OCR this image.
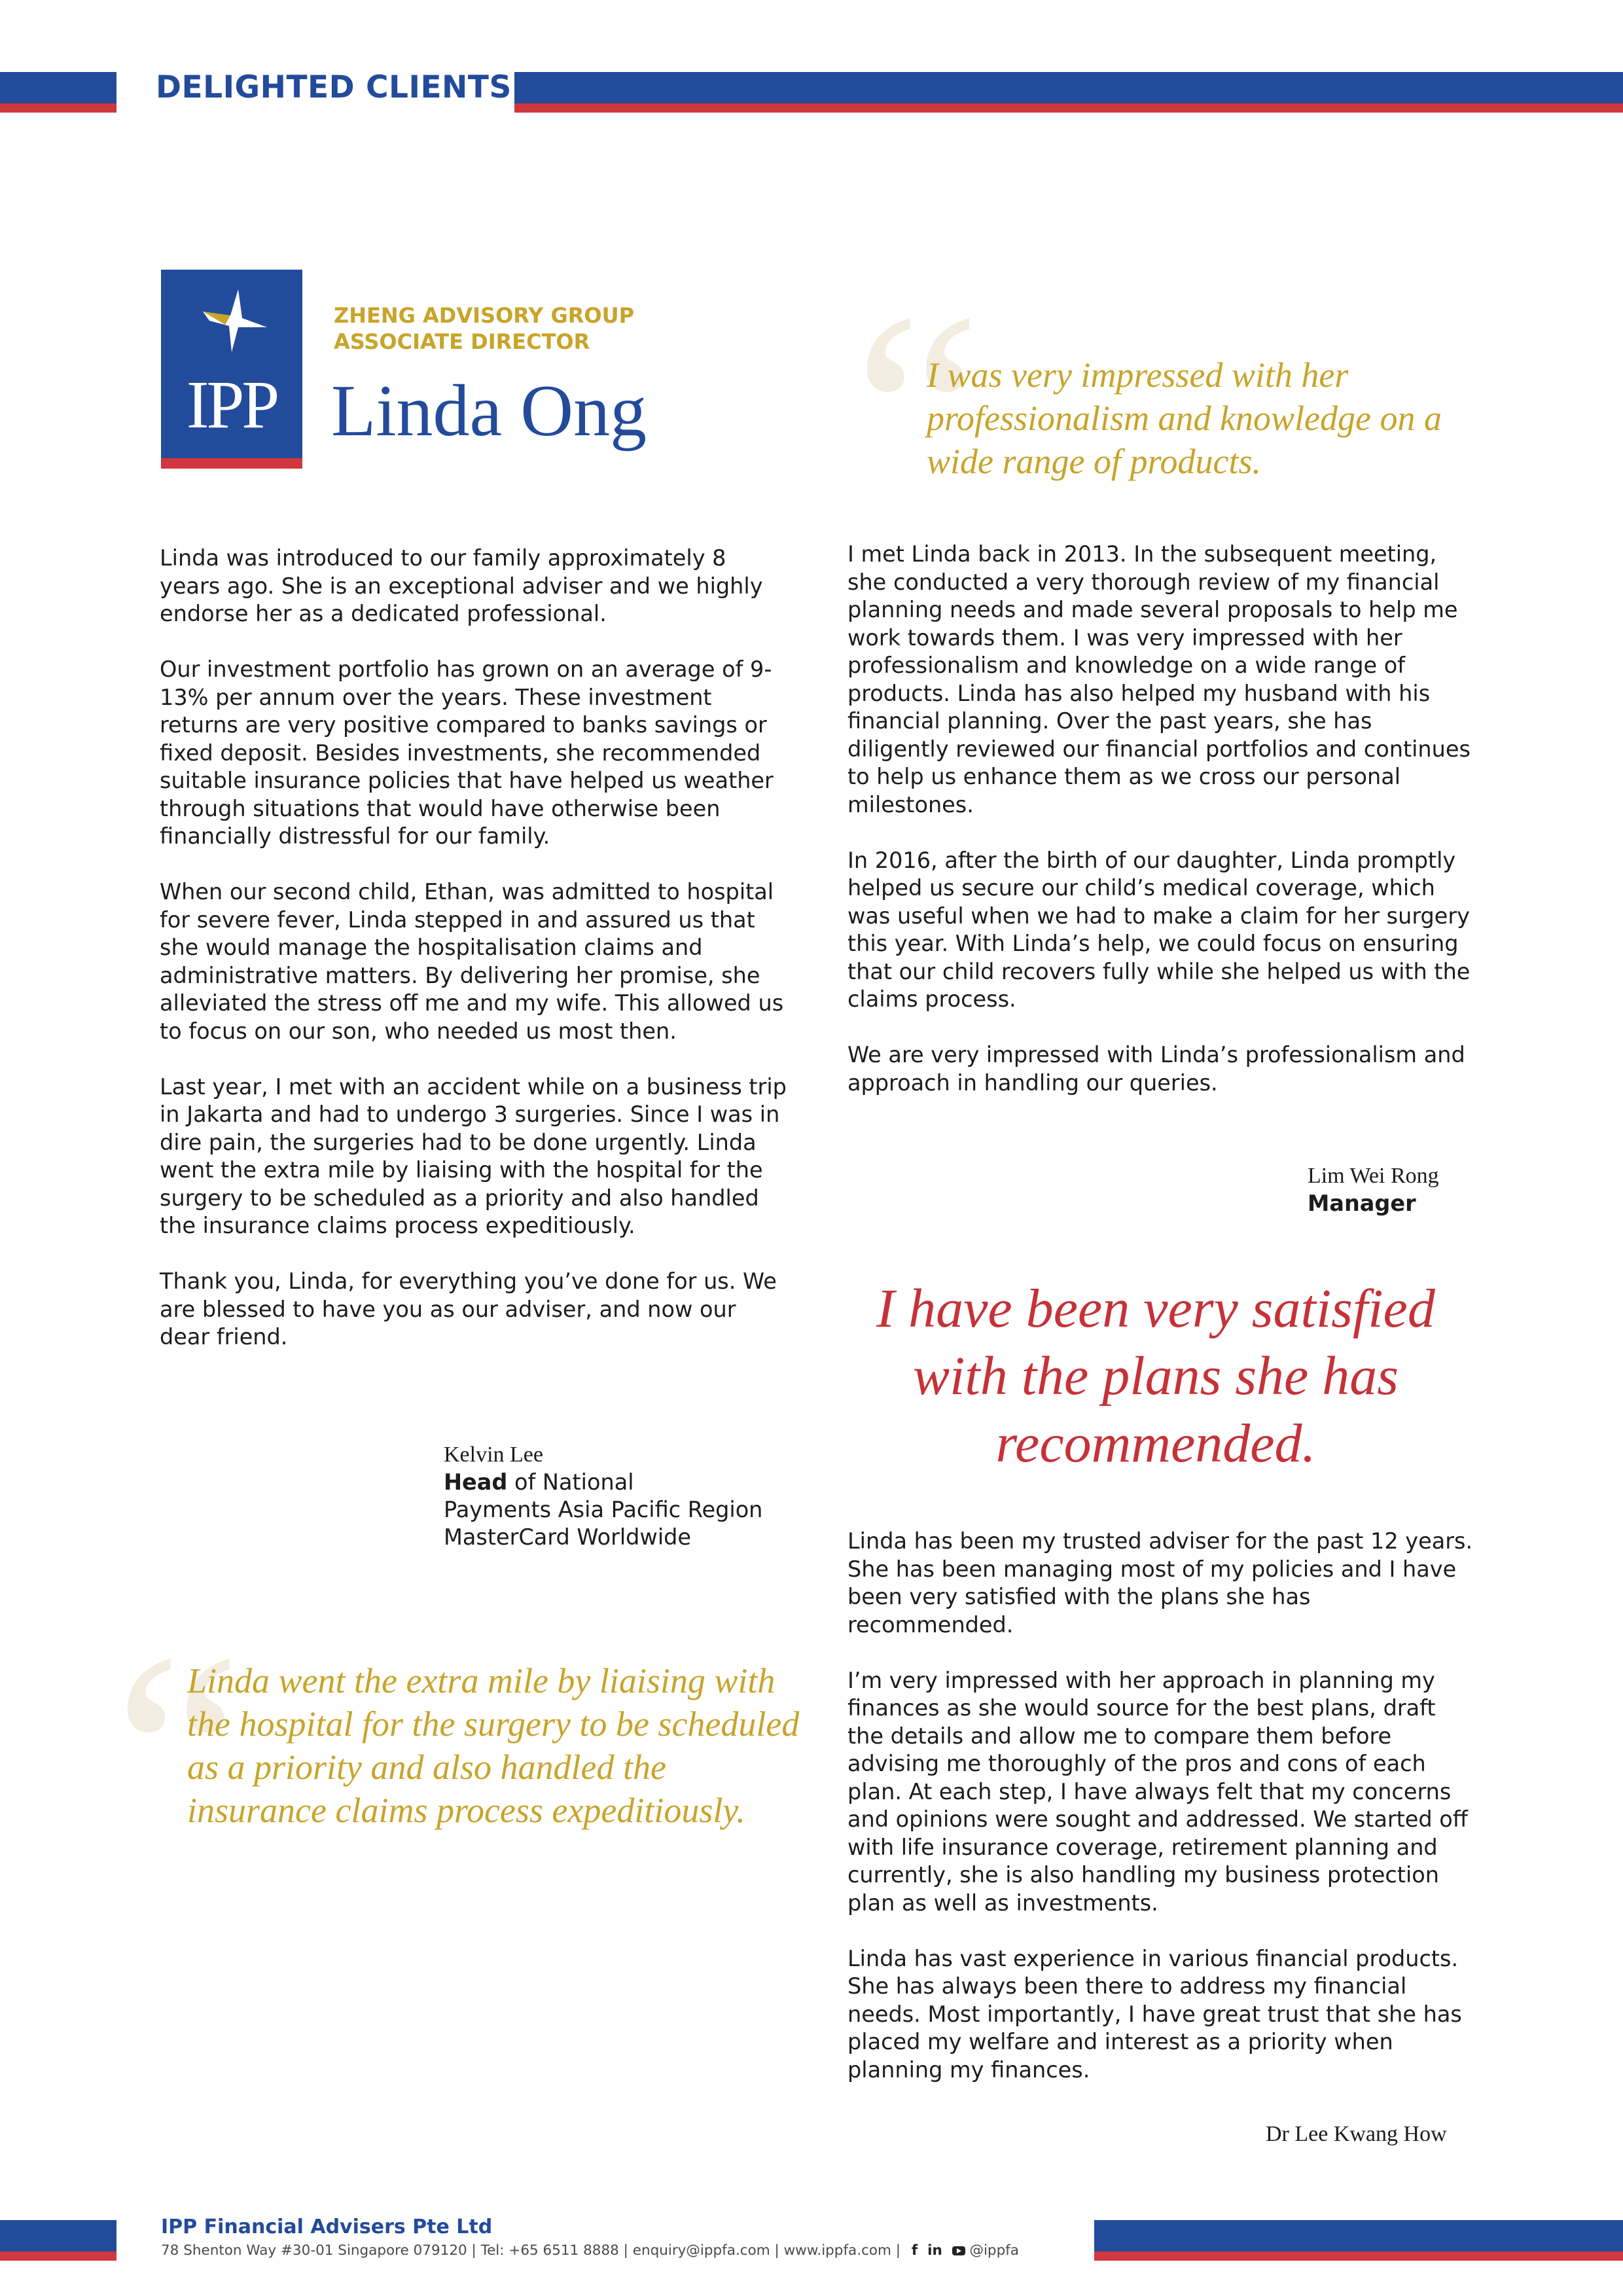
DELIGHTED CLIENTS
IPP
ZHENG ADVISORY GROUP
ASSOCIATE DIRECTOR
Linda Ong “
I was very impressed with her professionalism and knowledge on a wide range of products.

Linda was introduced to our family approximately 8 years ago. She is an exceptional adviser and we highly endorse her as a dedicated professional.

Our investment portfolio has grown on an average of 9-13% per annum over the years. These investment returns are very positive compared to banks savings or fixed deposit. Besides investments, she recommended suitable insurance policies that have helped us weather through situations that would have otherwise been financially distressful for our family.

When our second child, Ethan, was admitted to hospital for severe fever, Linda stepped in and assured us that she would manage the hospitalisation claims and administrative matters. By delivering her promise, she alleviated the stress off me and my wife. This allowed us to focus on our son, who needed us most then.

Last year, I met with an accident while on a business trip in Jakarta and had to undergo 3 surgeries. Since I was in dire pain, the surgeries had to be done urgently. Linda went the extra mile by liaising with the hospital for the surgery to be scheduled as a priority and also handled the insurance claims process expeditiously.

Thank you, Linda, for everything you’ve done for us. We are blessed to have you as our adviser, and now our dear friend.

Kelvin Lee
Head of National
Payments Asia Pacific Region
MasterCard Worldwide
“
Linda went the extra mile by liaising with the hospital for the surgery to be scheduled as a priority and also handled the insurance claims process expeditiously.

I met Linda back in 2013. In the subsequent meeting, she conducted a very thorough review of my financial planning needs and made several proposals to help me work towards them. I was very impressed with her professionalism and knowledge on a wide range of products. Linda has also helped my husband with his financial planning. Over the past years, she has diligently reviewed our financial portfolios and continues to help us enhance them as we cross our personal milestones.

In 2016, after the birth of our daughter, Linda promptly helped us secure our child’s medical coverage, which was useful when we had to make a claim for her surgery this year. With Linda’s help, we could focus on ensuring that our child recovers fully while she helped us with the claims process.

We are very impressed with Linda’s professionalism and approach in handling our queries.

Lim Wei Rong
Manager
I have been very satisfied with the plans she has recommended.

Linda has been my trusted adviser for the past 12 years. She has been managing most of my policies and I have been very satisfied with the plans she has recommended.

I’m very impressed with her approach in planning my finances as she would source for the best plans, draft the details and allow me to compare them before advising me thoroughly of the pros and cons of each plan. At each step, I have always felt that my concerns and opinions were sought and addressed. We started off with life insurance coverage, retirement planning and currently, she is also handling my business protection plan as well as investments.

Linda has vast experience in various financial products. She has always been there to address my financial needs. Most importantly, I have great trust that she has placed my welfare and interest as a priority when planning my finances.

Dr Lee Kwang How
IPP Financial Advisers Pte Ltd
78 Shenton Way #30-01 Singapore 079120 | Tel: +65 6511 8888 | enquiry@ippfa.com | www.ippfa.com | f in @ippfa
